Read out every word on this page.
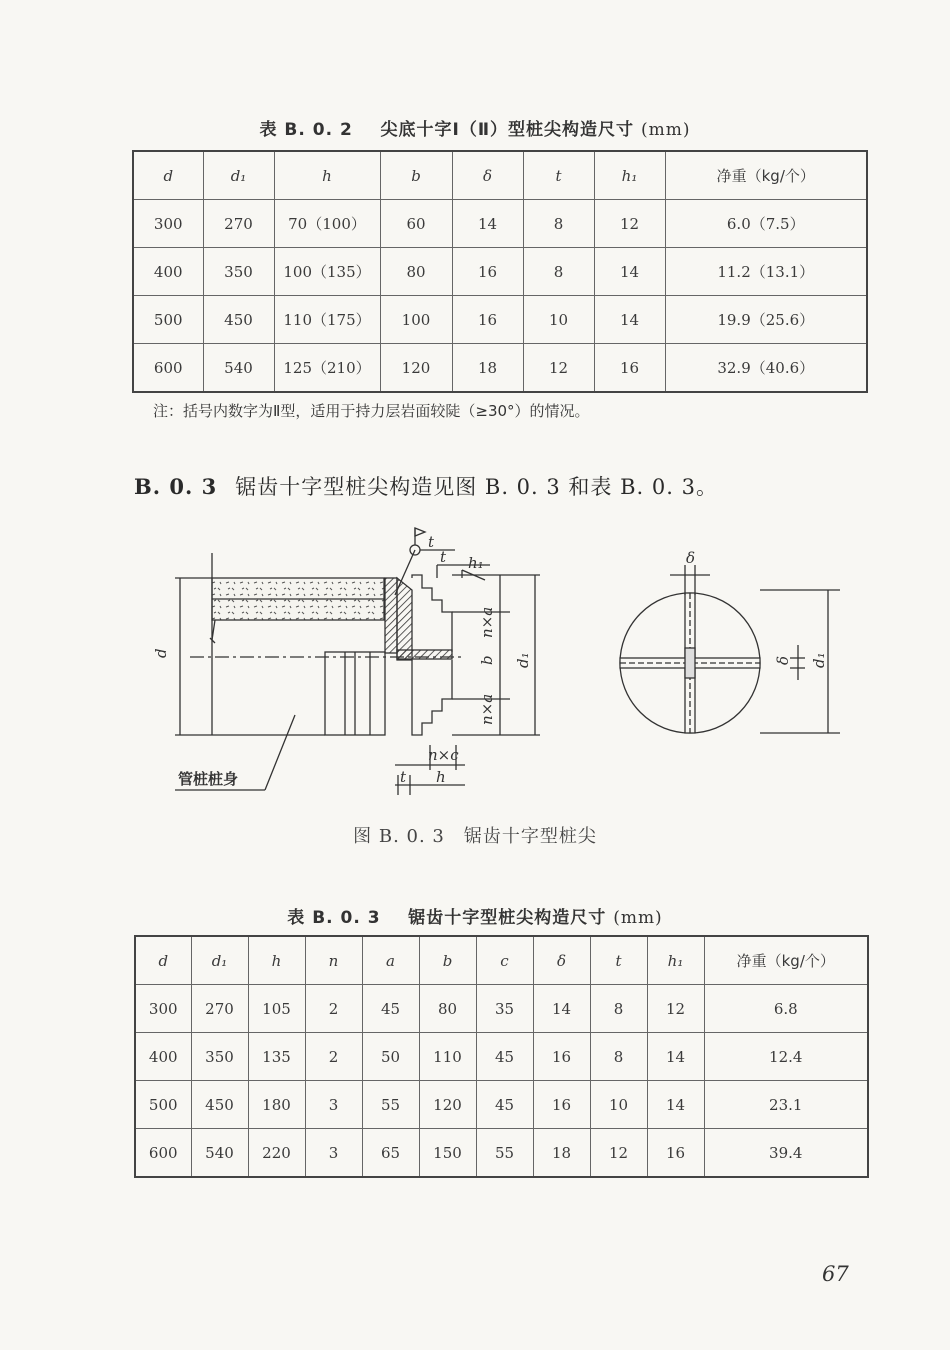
表 B. 0. 2 尖底十字Ⅰ（Ⅱ）型桩尖构造尺寸 (mm)
d	d₁	h	b	δ	t	h₁	净重（kg/个）
300	270	70（100）	60	14	8	12	6.0（7.5）
400	350	100（135）	80	16	8	14	11.2（13.1）
500	450	110（175）	100	16	10	14	19.9（25.6）
600	540	125（210）	120	18	12	16	32.9（40.6）
注：括号内数字为Ⅱ型，适用于持力层岩面较陡（≥30°）的情况。
B. 0. 3 锯齿十字型桩尖构造见图 B. 0. 3 和表 B. 0. 3。
d
t
t h₁
n×a
b
n×a
d₁
n×c
t h
δ
δ d₁
管桩桩身
图 B. 0. 3　锯齿十字型桩尖
表 B. 0. 3 锯齿十字型桩尖构造尺寸 (mm)
d	d₁	h	n	a	b	c	δ	t	h₁	净重（kg/个）
300	270	105	2	45	80	35	14	8	12	6.8
400	350	135	2	50	110	45	16	8	14	12.4
500	450	180	3	55	120	45	16	10	14	23.1
600	540	220	3	65	150	55	18	12	16	39.4
67
